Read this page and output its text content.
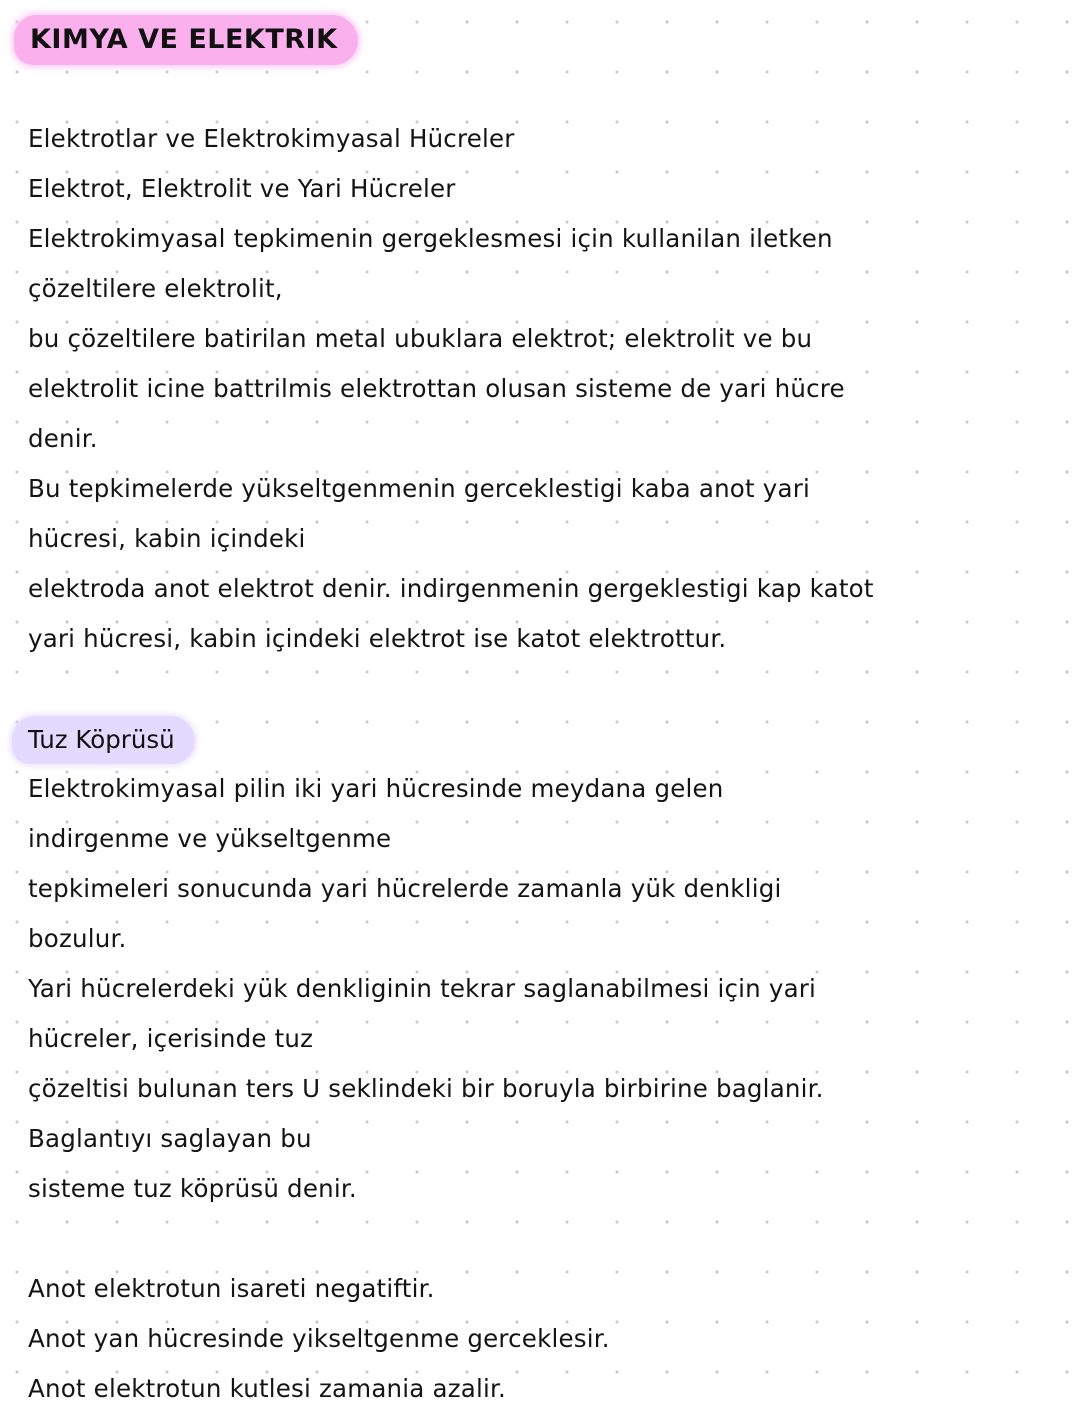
KIMYA VE ELEKTRIK
Elektrotlar ve Elektrokimyasal Hücreler
Elektrot, Elektrolit ve Yari Hücreler
Elektrokimyasal tepkimenin gergeklesmesi için kullanilan iletken
çözeltilere elektrolit,
bu çözeltilere batirilan metal ubuklara elektrot; elektrolit ve bu
elektrolit icine battrilmis elektrottan olusan sisteme de yari hücre
denir.
Bu tepkimelerde yükseltgenmenin gerceklestigi kaba anot yari
hücresi, kabin içindeki
elektroda anot elektrot denir. indirgenmenin gergeklestigi kap katot
yari hücresi, kabin içindeki elektrot ise katot elektrottur.
Tuz Köprüsü
Elektrokimyasal pilin iki yari hücresinde meydana gelen
indirgenme ve yükseltgenme
tepkimeleri sonucunda yari hücrelerde zamanla yük denkligi
bozulur.
Yari hücrelerdeki yük denkliginin tekrar saglanabilmesi için yari
hücreler, içerisinde tuz
çözeltisi bulunan ters U seklindeki bir boruyla birbirine baglanir.
Baglantıyı saglayan bu
sisteme tuz köprüsü denir.
Anot elektrotun isareti negatiftir.
Anot yan hücresinde yikseltgenme gerceklesir.
Anot elektrotun kutlesi zamania azalir.
